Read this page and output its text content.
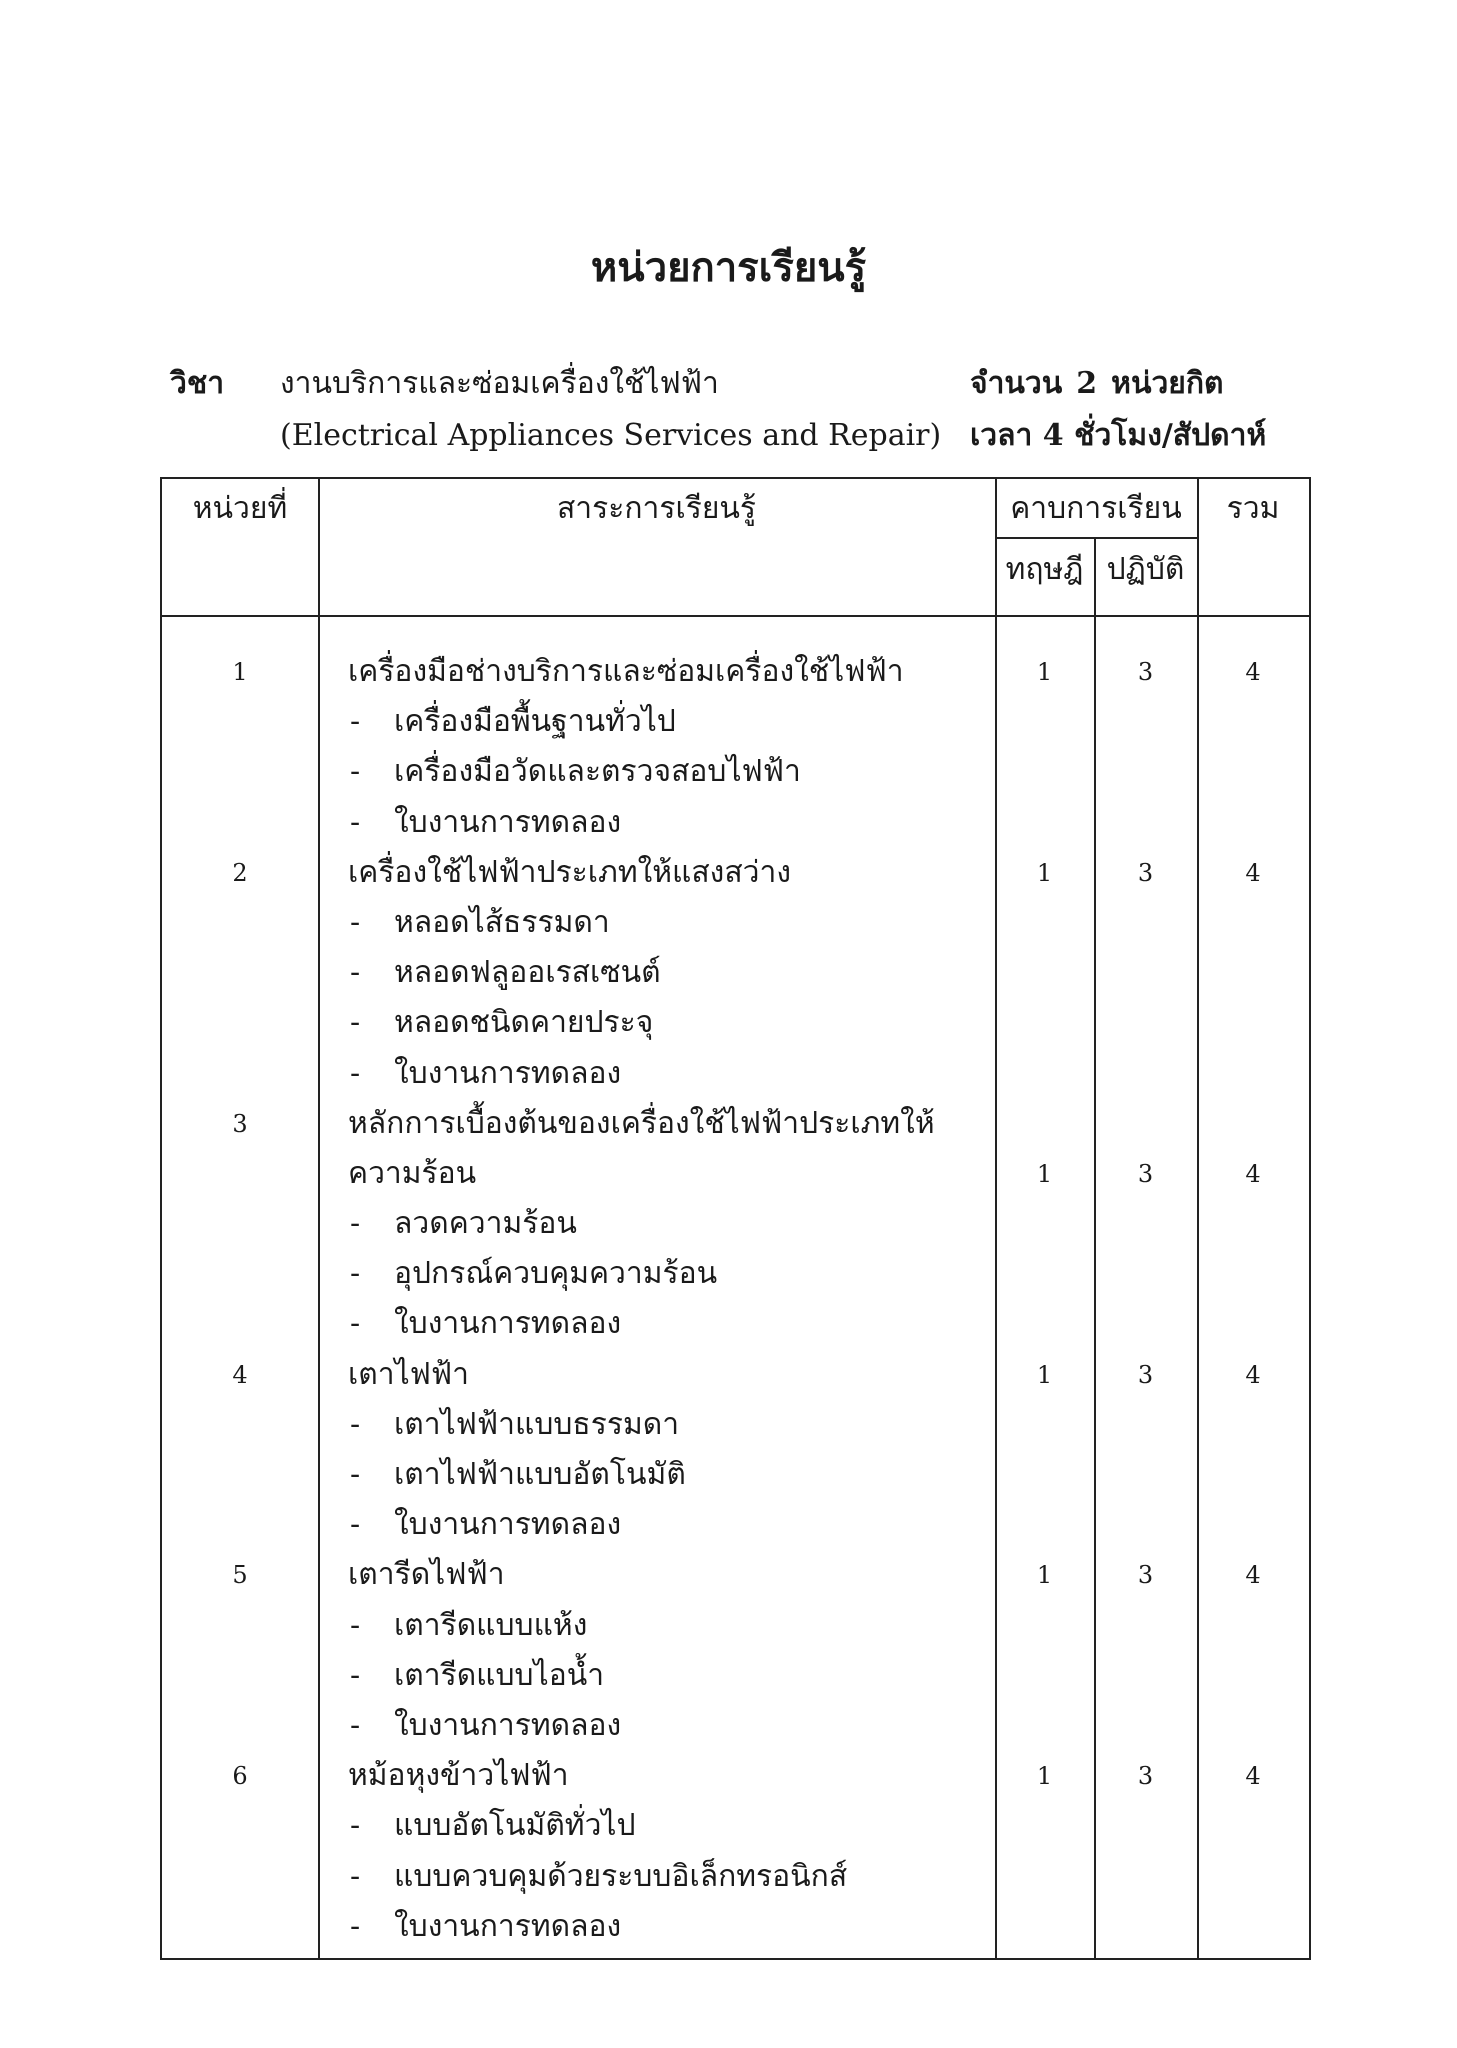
หน่วยการเรียนรู้
วิชา งานบริการและซ่อมเครื่องใช้ไฟฟ้า	จำนวน 2 หน่วยกิต
(Electrical Appliances Services and Repair) เวลา 4 ชั่วโมง/สัปดาห์
หน่วยที่	สาระการเรียนรู้	คาบการเรียน	รวม
ทฤษฎี ปฏิบัติ
1	เครื่องมือช่างบริการและซ่อมเครื่องใช้ไฟฟ้า	1	3	4
- เครื่องมือพื้นฐานทั่วไป
- เครื่องมือวัดและตรวจสอบไฟฟ้า
- ใบงานการทดลอง
2	เครื่องใช้ไฟฟ้าประเภทให้แสงสว่าง	1	3	4
- หลอดไส้ธรรมดา
- หลอดฟลูออเรสเซนต์
- หลอดชนิดคายประจุ
- ใบงานการทดลอง
3	หลักการเบื้องต้นของเครื่องใช้ไฟฟ้าประเภทให้
ความร้อน	1	3	4
- ลวดความร้อน
- อุปกรณ์ควบคุมความร้อน
- ใบงานการทดลอง
4	เตาไฟฟ้า	1	3	4
- เตาไฟฟ้าแบบธรรมดา
- เตาไฟฟ้าแบบอัตโนมัติ
- ใบงานการทดลอง
5	เตารีดไฟฟ้า	1	3	4
- เตารีดแบบแห้ง
- เตารีดแบบไอน้ำ
- ใบงานการทดลอง
6	หม้อหุงข้าวไฟฟ้า	1	3	4
- แบบอัตโนมัติทั่วไป
- แบบควบคุมด้วยระบบอิเล็กทรอนิกส์
- ใบงานการทดลอง
